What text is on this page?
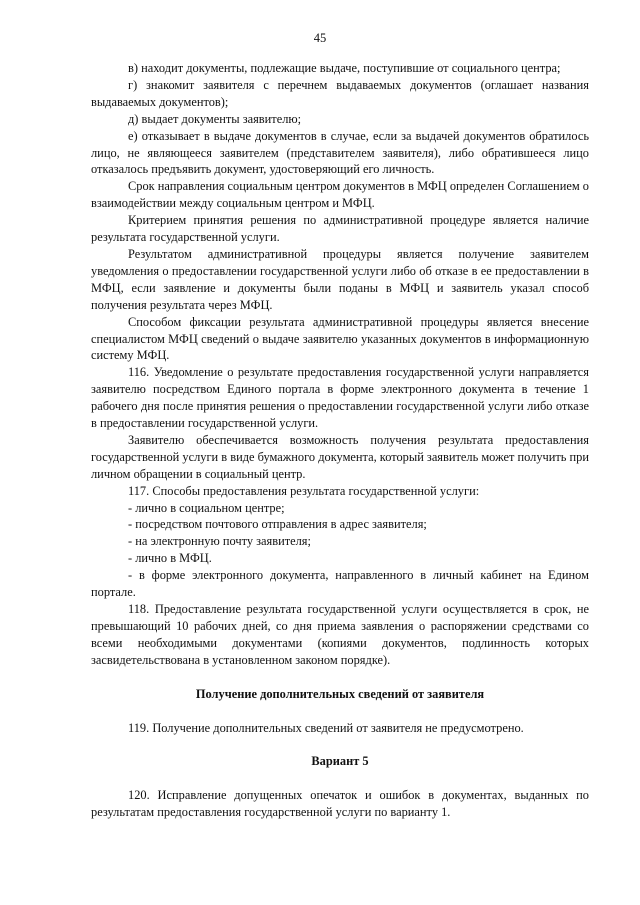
45

в) находит документы, подлежащие выдаче, поступившие от социального центра;

г) знакомит заявителя с перечнем выдаваемых документов (оглашает названия выдаваемых документов);

д) выдает документы заявителю;

е) отказывает в выдаче документов в случае, если за выдачей документов обратилось лицо, не являющееся заявителем (представителем заявителя), либо обратившееся лицо отказалось предъявить документ, удостоверяющий его личность.

Срок направления социальным центром документов в МФЦ определен Соглашением о взаимодействии между социальным центром и МФЦ.

Критерием принятия решения по административной процедуре является наличие результата государственной услуги.

Результатом административной процедуры является получение заявителем уведомления о предоставлении государственной услуги либо об отказе в ее предоставлении в МФЦ, если заявление и документы были поданы в МФЦ и заявитель указал способ получения результата через МФЦ.

Способом фиксации результата административной процедуры является внесение специалистом МФЦ сведений о выдаче заявителю указанных документов в информационную систему МФЦ.

116. Уведомление о результате предоставления государственной услуги направляется заявителю посредством Единого портала в форме электронного документа в течение 1 рабочего дня после принятия решения о предоставлении государственной услуги либо отказе в предоставлении государственной услуги.

Заявителю обеспечивается возможность получения результата предоставления государственной услуги в виде бумажного документа, который заявитель может получить при личном обращении в социальный центр.

117. Способы предоставления результата государственной услуги:

- лично в социальном центре;

- посредством почтового отправления в адрес заявителя;

- на электронную почту заявителя;

- лично в МФЦ.

- в форме электронного документа, направленного в личный кабинет на Едином портале.

118. Предоставление результата государственной услуги осуществляется в срок, не превышающий 10 рабочих дней, со дня приема заявления о распоряжении средствами со всеми необходимыми документами (копиями документов, подлинность которых засвидетельствована в установленном законом порядке).

Получение дополнительных сведений от заявителя

119. Получение дополнительных сведений от заявителя не предусмотрено.

Вариант 5

120. Исправление допущенных опечаток и ошибок в документах, выданных по результатам предоставления государственной услуги по варианту 1.
